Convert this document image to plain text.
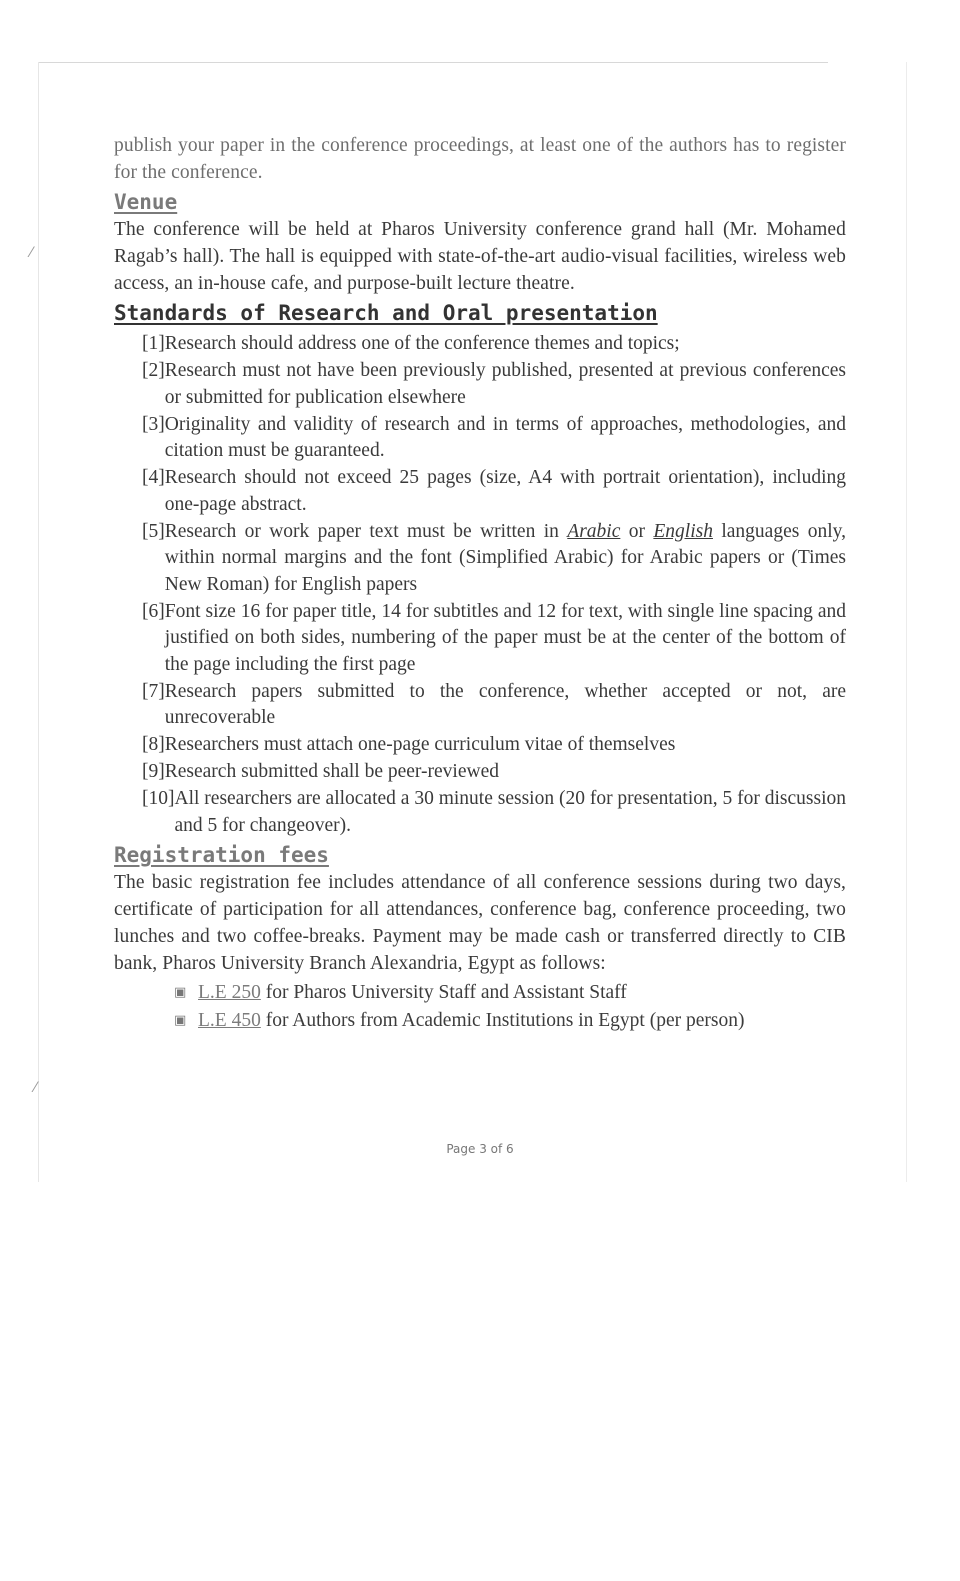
⁄
⁄

publish your paper in the conference proceedings, at least one of the authors has to register for the conference.

Venue

The conference will be held at Pharos University conference grand hall (Mr. Mohamed Ragab’s hall). The hall is equipped with state-of-the-art audio-visual facilities, wireless web access, an in-house cafe, and purpose-built lecture theatre.

Standards of Research and Oral presentation
[1] Research should address one of the conference themes and topics;
[2] Research must not have been previously published, presented at previous conferences or submitted for publication elsewhere
[3] Originality and validity of research and in terms of approaches, methodologies, and citation must be guaranteed.
[4] Research should not exceed 25 pages (size, A4 with portrait orientation), including one-page abstract.
[5] Research or work paper text must be written in Arabic or English languages only, within normal margins and the font (Simplified Arabic) for Arabic papers or (Times New Roman) for English papers
[6] Font size 16 for paper title, 14 for subtitles and 12 for text, with single line spacing and justified on both sides, numbering of the paper must be at the center of the bottom of the page including the first page
[7] Research papers submitted to the conference, whether accepted or not, are unrecoverable
[8] Researchers must attach one-page curriculum vitae of themselves
[9] Research submitted shall be peer-reviewed
[10] All researchers are allocated a 30 minute session (20 for presentation, 5 for discussion and 5 for changeover).
Registration fees

The basic registration fee includes attendance of all conference sessions during two days, certificate of participation for all attendances, conference bag, conference proceeding, two lunches and two coffee-breaks. Payment may be made cash or transferred directly to CIB bank, Pharos University Branch Alexandria, Egypt as follows:

▣ L.E 250 for Pharos University Staff and Assistant Staff
▣ L.E 450 for Authors from Academic Institutions in Egypt (per person)
Page 3 of 6
